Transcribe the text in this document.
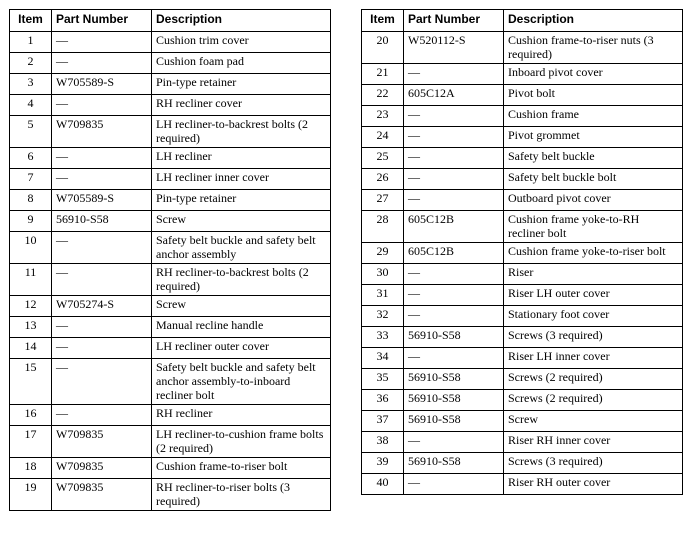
Item	Part Number	Description
1	—	Cushion trim cover
2	—	Cushion foam pad
3	W705589-S	Pin-type retainer
4	—	RH recliner cover
5	W709835	LH recliner-to-backrest bolts (2 required)
6	—	LH recliner
7	—	LH recliner inner cover
8	W705589-S	Pin-type retainer
9	56910-S58	Screw
10	—	Safety belt buckle and safety belt anchor assembly
11	—	RH recliner-to-backrest bolts (2 required)
12	W705274-S	Screw
13	—	Manual recline handle
14	—	LH recliner outer cover
15	—	Safety belt buckle and safety belt anchor assembly-to-inboard recliner bolt
16	—	RH recliner
17	W709835	LH recliner-to-cushion frame bolts (2 required)
18	W709835	Cushion frame-to-riser bolt
19	W709835	RH recliner-to-riser bolts (3 required)
Item	Part Number	Description
20	W520112-S	Cushion frame-to-riser nuts (3 required)
21	—	Inboard pivot cover
22	605C12A	Pivot bolt
23	—	Cushion frame
24	—	Pivot grommet
25	—	Safety belt buckle
26	—	Safety belt buckle bolt
27	—	Outboard pivot cover
28	605C12B	Cushion frame yoke-to-RH recliner bolt
29	605C12B	Cushion frame yoke-to-riser bolt
30	—	Riser
31	—	Riser LH outer cover
32	—	Stationary foot cover
33	56910-S58	Screws (3 required)
34	—	Riser LH inner cover
35	56910-S58	Screws (2 required)
36	56910-S58	Screws (2 required)
37	56910-S58	Screw
38	—	Riser RH inner cover
39	56910-S58	Screws (3 required)
40	—	Riser RH outer cover
